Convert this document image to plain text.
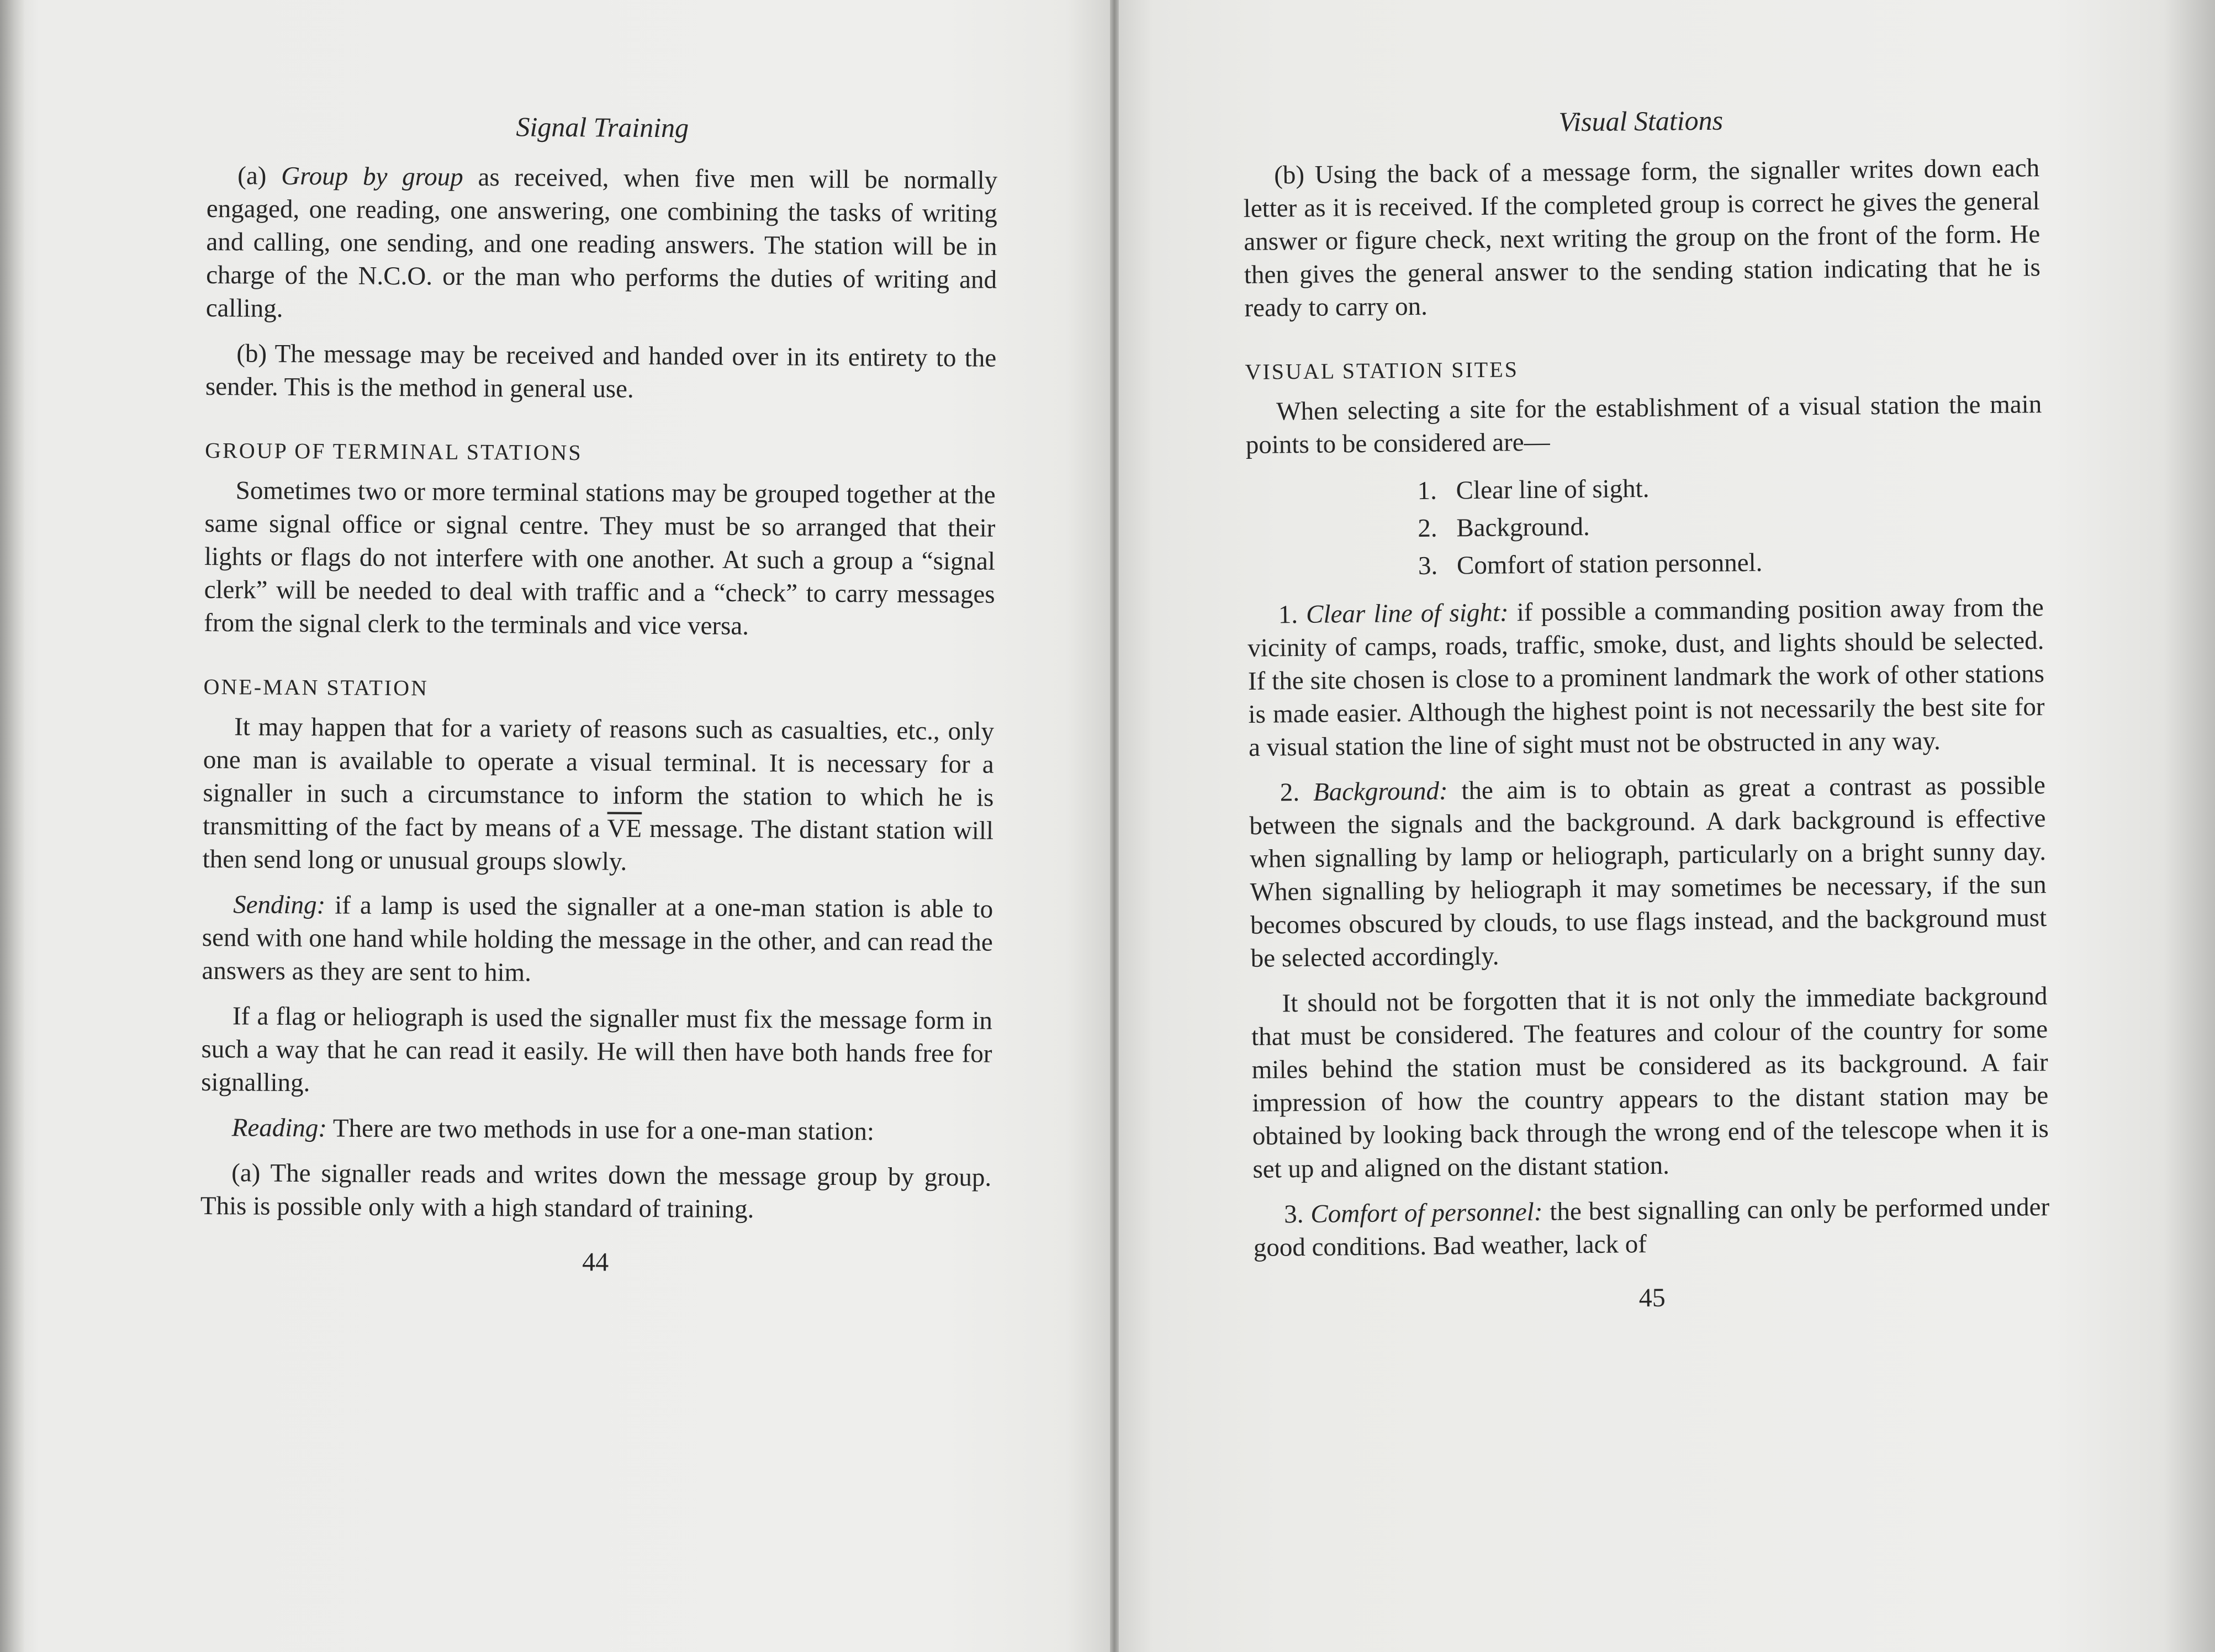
Signal Training

(a) Group by group as received, when five men will be normally engaged, one reading, one answering, one combining the tasks of writing and calling, one sending, and one reading answers. The station will be in charge of the N.C.O. or the man who performs the duties of writing and calling.

(b) The message may be received and handed over in its entirety to the sender. This is the method in general use.

GROUP OF TERMINAL STATIONS

Sometimes two or more terminal stations may be grouped together at the same signal office or signal centre. They must be so arranged that their lights or flags do not interfere with one another. At such a group a “signal clerk” will be needed to deal with traffic and a “check” to carry messages from the signal clerk to the terminals and vice versa.

ONE-MAN STATION

It may happen that for a variety of reasons such as casualties, etc., only one man is available to operate a visual terminal. It is necessary for a signaller in such a circumstance to inform the station to which he is transmitting of the fact by means of a $\overline{VE}$ message. The distant station will then send long or unusual groups slowly.

Sending: if a lamp is used the signaller at a one-man station is able to send with one hand while holding the message in the other, and can read the answers as they are sent to him.

If a flag or heliograph is used the signaller must fix the message form in such a way that he can read it easily. He will then have both hands free for signalling.

Reading: There are two methods in use for a one-man station:

(a) The signaller reads and writes down the message group by group. This is possible only with a high standard of training.

44
Visual Stations

(b) Using the back of a message form, the signaller writes down each letter as it is received. If the completed group is correct he gives the general answer or figure check, next writing the group on the front of the form. He then gives the general answer to the sending station indicating that he is ready to carry on.

VISUAL STATION SITES

When selecting a site for the establishment of a visual station the main points to be considered are—

1. Clear line of sight.
2. Background.
3. Comfort of station personnel.

1. Clear line of sight: if possible a commanding position away from the vicinity of camps, roads, traffic, smoke, dust, and lights should be selected. If the site chosen is close to a prominent landmark the work of other stations is made easier. Although the highest point is not necessarily the best site for a visual station the line of sight must not be obstructed in any way.

2. Background: the aim is to obtain as great a contrast as possible between the signals and the background. A dark background is effective when signalling by lamp or heliograph, particularly on a bright sunny day. When signalling by heliograph it may sometimes be necessary, if the sun becomes obscured by clouds, to use flags instead, and the background must be selected accordingly.

It should not be forgotten that it is not only the immediate background that must be considered. The features and colour of the country for some miles behind the station must be considered as its background. A fair impression of how the country appears to the distant station may be obtained by looking back through the wrong end of the telescope when it is set up and aligned on the distant station.

3. Comfort of personnel: the best signalling can only be performed under good conditions. Bad weather, lack of

45
